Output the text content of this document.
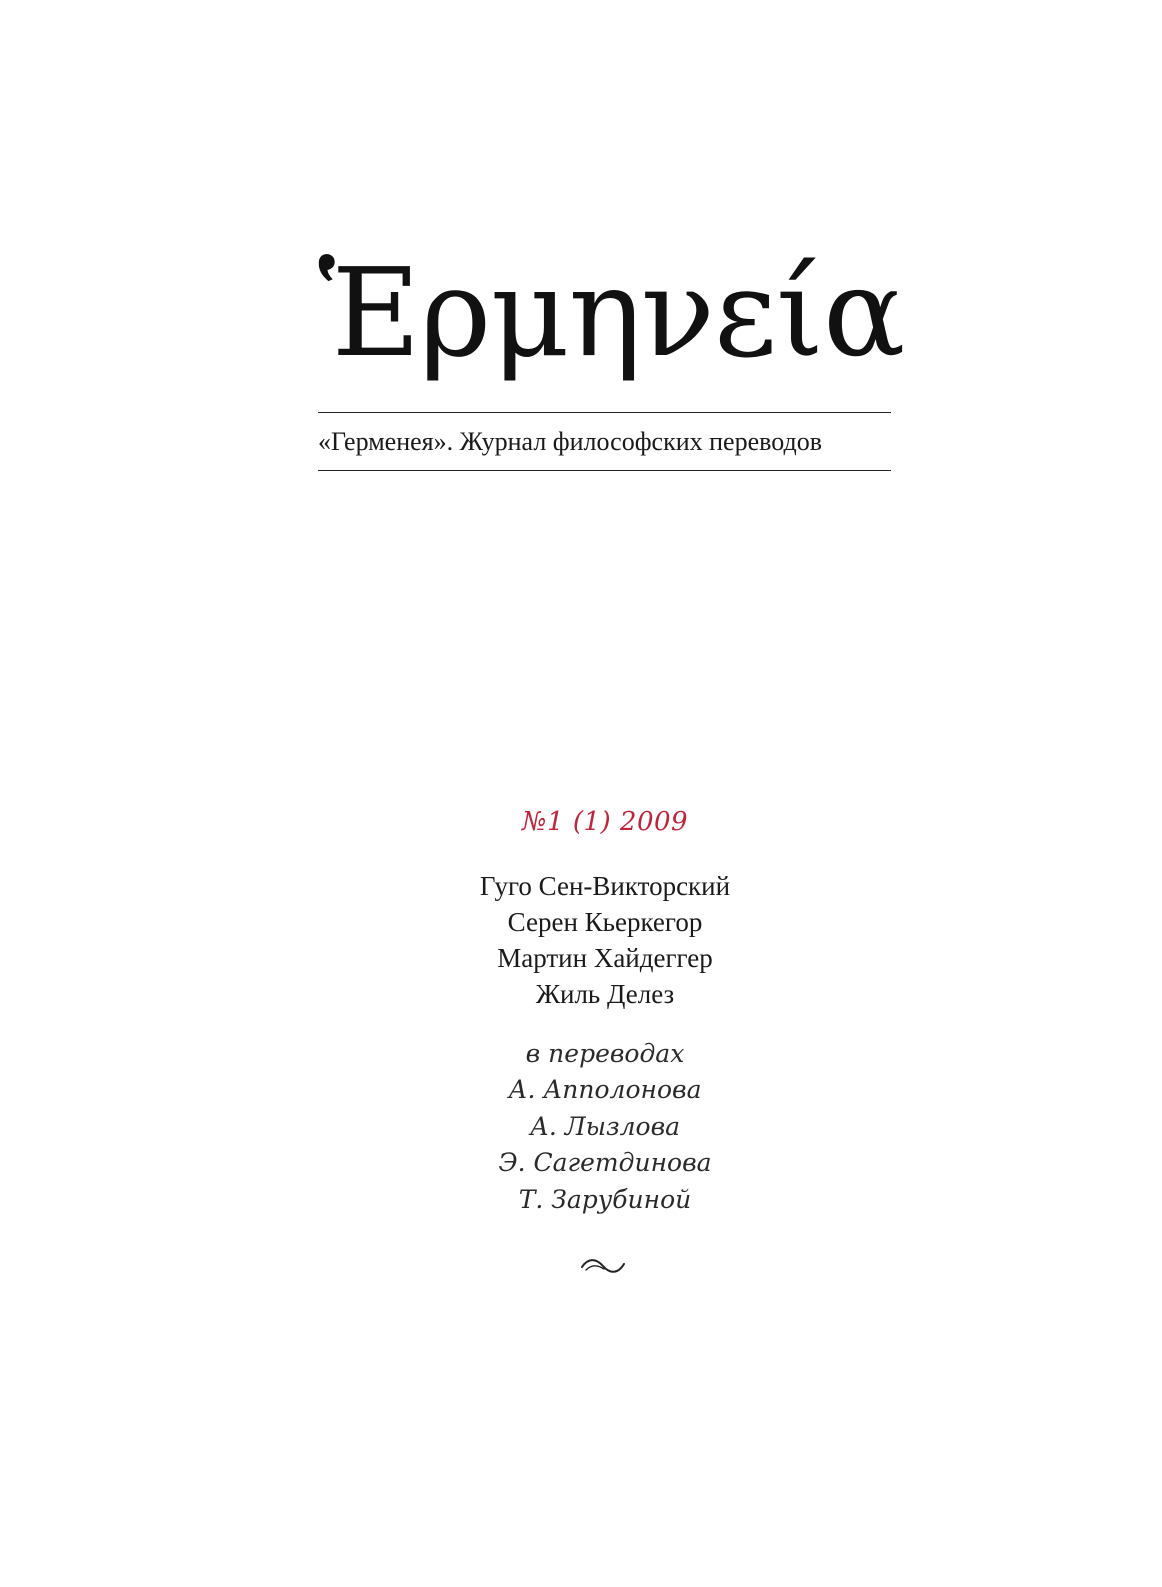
Ἑρμηνεία
«Герменея». Журнал философских переводов
№1 (1) 2009
Гуго Сен-Викторский
Серен Кьеркегор
Мартин Хайдеггер
Жиль Делез
в переводах
А. Апполонова
А. Лызлова
Э. Сагетдинова
Т. Зарубиной
